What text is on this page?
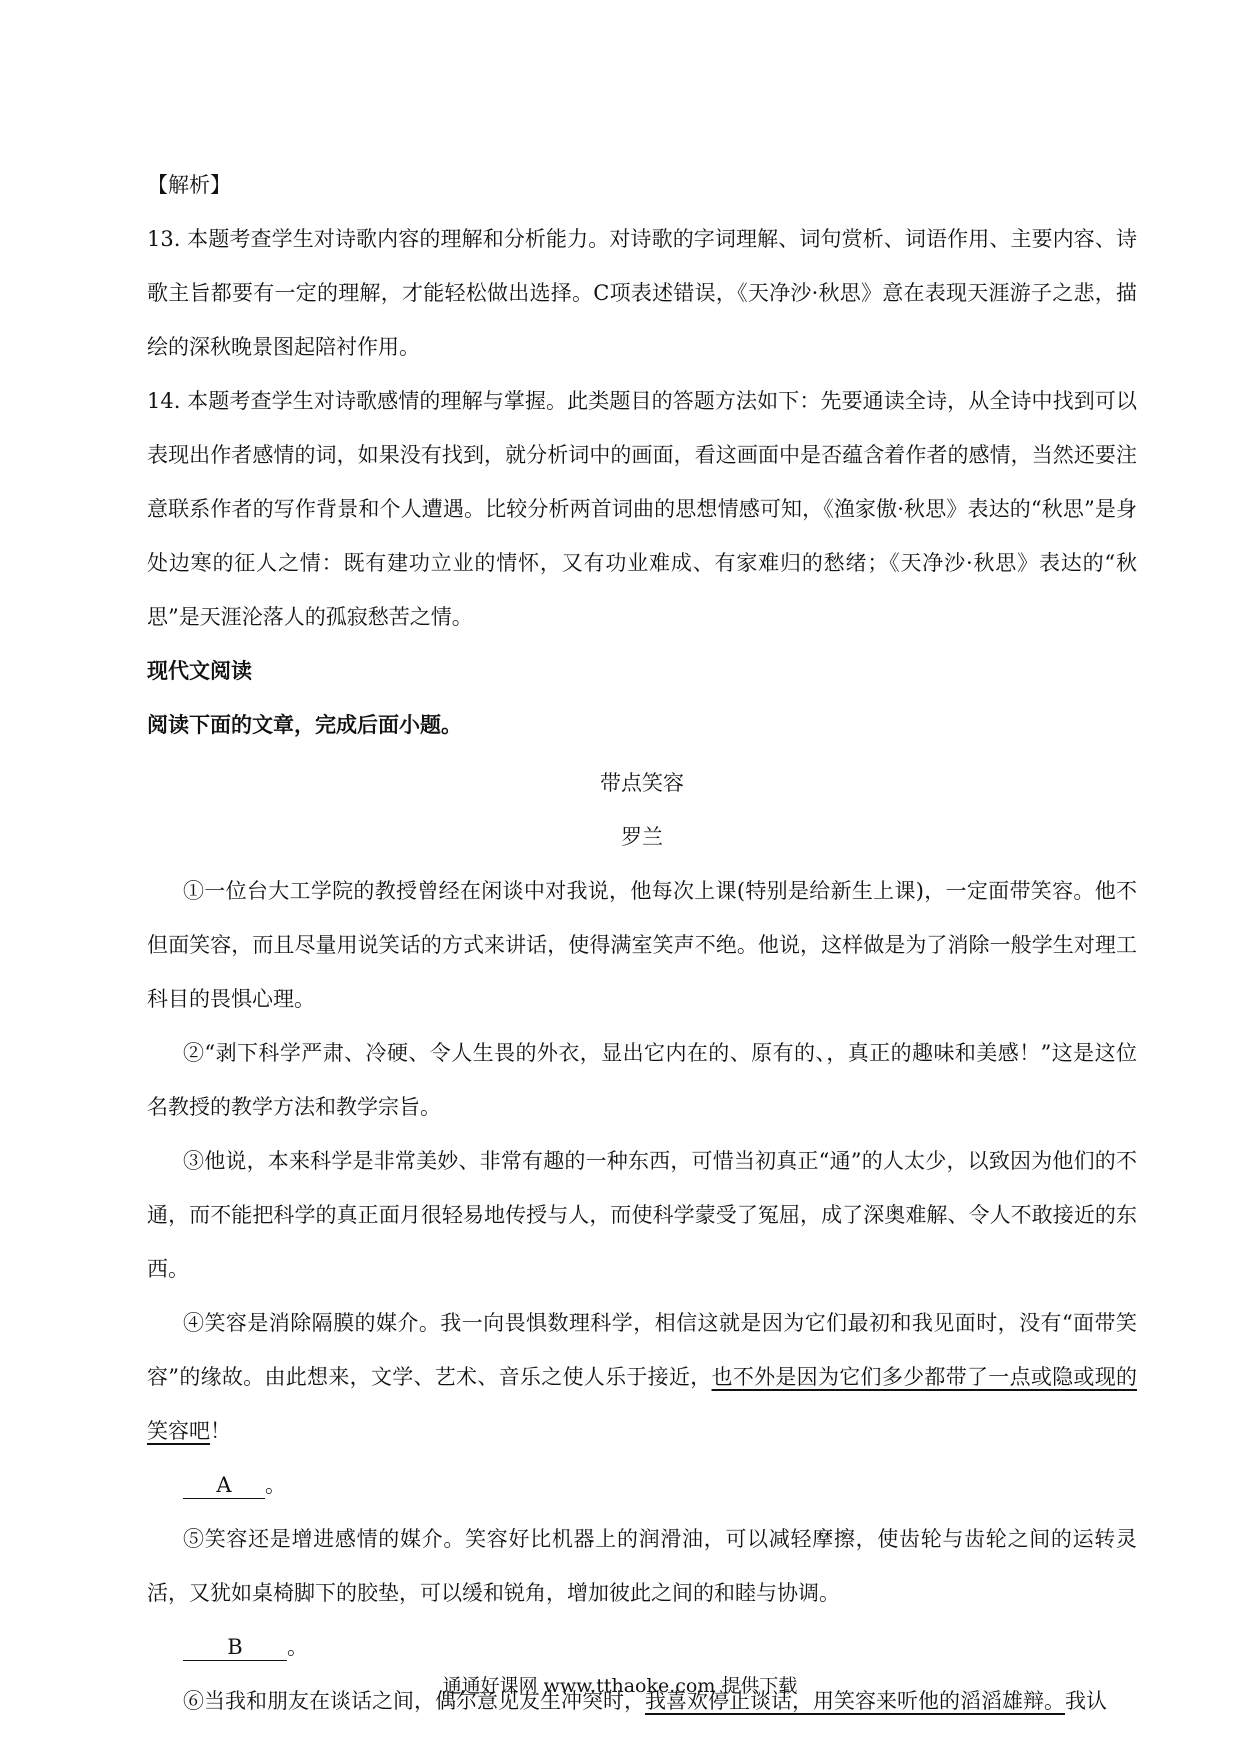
【解析】

13. 本题考查学生对诗歌内容的理解和分析能力。对诗歌的字词理解、词句赏析、词语作用、主要内容、诗歌主旨都要有一定的理解，才能轻松做出选择。C项表述错误，《天净沙·秋思》意在表现天涯游子之悲，描绘的深秋晚景图起陪衬作用。

14. 本题考查学生对诗歌感情的理解与掌握。此类题目的答题方法如下：先要通读全诗，从全诗中找到可以表现出作者感情的词，如果没有找到，就分析词中的画面，看这画面中是否蕴含着作者的感情，当然还要注意联系作者的写作背景和个人遭遇。比较分析两首词曲的思想情感可知，《渔家傲·秋思》表达的“秋思”是身处边寒的征人之情：既有建功立业的情怀，又有功业难成、有家难归的愁绪；《天净沙·秋思》表达的“秋思”是天涯沦落人的孤寂愁苦之情。

现代文阅读

阅读下面的文章，完成后面小题。

带点笑容

罗兰

①一位台大工学院的教授曾经在闲谈中对我说，他每次上课(特别是给新生上课)，一定面带笑容。他不但面笑容，而且尽量用说笑话的方式来讲话，使得满室笑声不绝。他说，这样做是为了消除一般学生对理工科目的畏惧心理。

②“剥下科学严肃、冷硬、令人生畏的外衣，显出它内在的、原有的、，真正的趣味和美感！”这是这位名教授的教学方法和教学宗旨。

③他说，本来科学是非常美妙、非常有趣的一种东西，可惜当初真正“通”的人太少，以致因为他们的不通，而不能把科学的真正面月很轻易地传授与人，而使科学蒙受了冤屈，成了深奥难解、令人不敢接近的东西。

④笑容是消除隔膜的媒介。我一向畏惧数理科学，相信这就是因为它们最初和我见面时，没有“面带笑容”的缘故。由此想来，文学、艺术、音乐之使人乐于接近，也不外是因为它们多少都带了一点或隐或现的笑容吧！

A 。

⑤笑容还是增进感情的媒介。笑容好比机器上的润滑油，可以减轻摩擦，使齿轮与齿轮之间的运转灵活，又犹如桌椅脚下的胶垫，可以缓和锐角，增加彼此之间的和睦与协调。

B 。

⑥当我和朋友在谈话之间，偶尔意见友生冲突时，我喜欢停止谈话，用笑容来听他的滔滔雄辩。我认

通通好课网 www.tthaoke.com 提供下载
